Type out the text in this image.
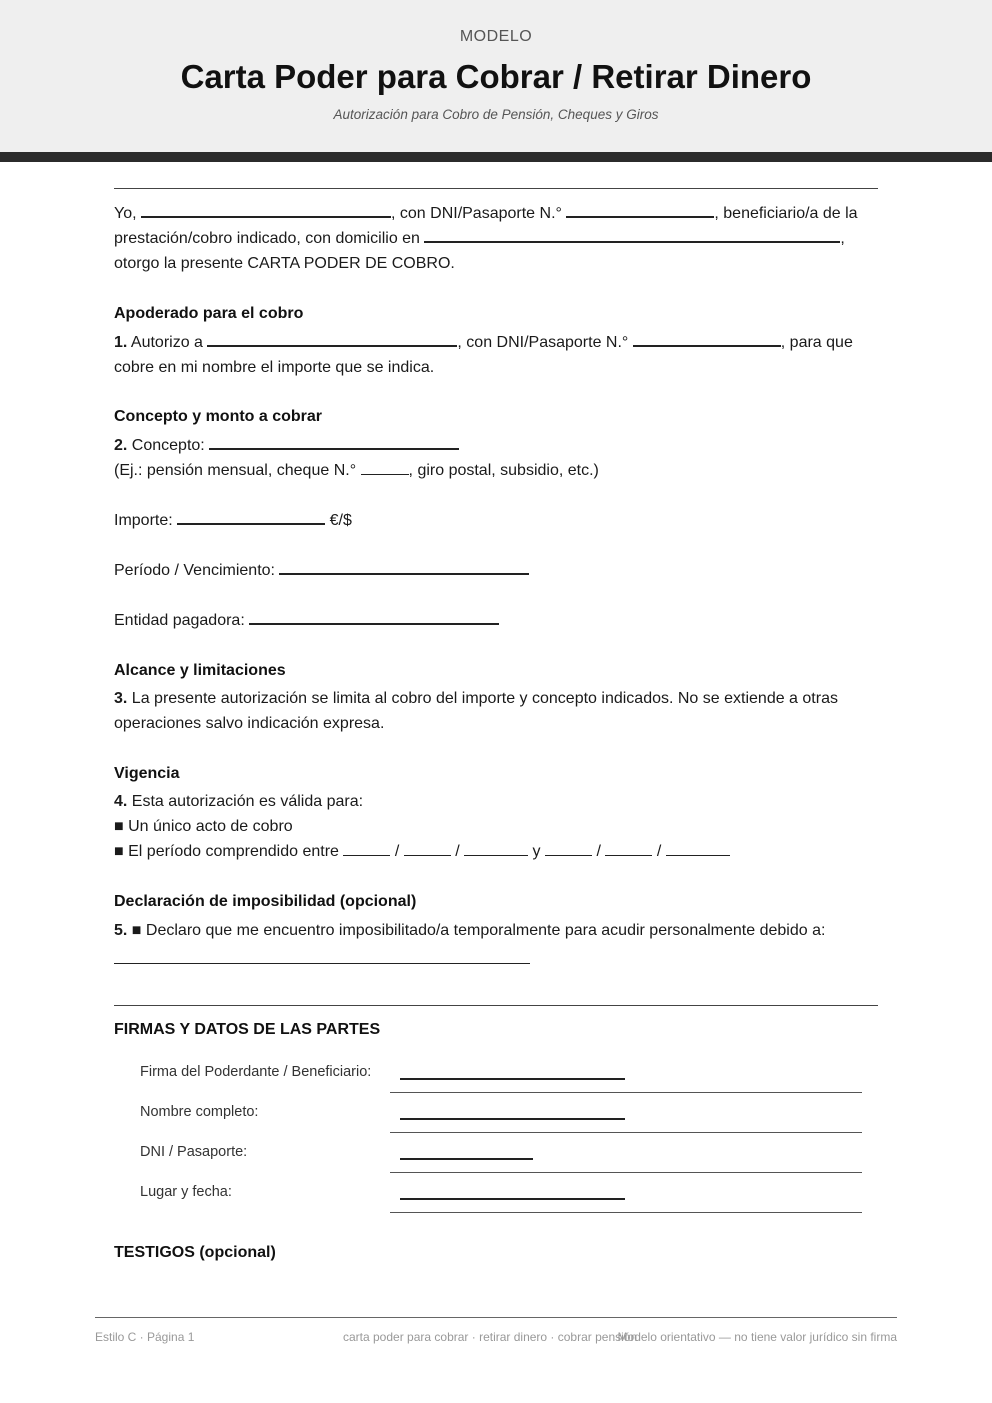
MODELO
Carta Poder para Cobrar / Retirar Dinero
Autorización para Cobro de Pensión, Cheques y Giros
Yo,	, con DNI/Pasaporte N.°	, beneficiario/a de la prestación/cobro indicado, con domicilio en	,
otorgo la presente CARTA PODER DE COBRO.
Apoderado para el cobro
1. Autorizo a	, con DNI/Pasaporte N.°	, para que
cobre en mi nombre el importe que se indica.
Concepto y monto a cobrar
2. Concepto:
(Ej.: pensión mensual, cheque N.°	, giro postal, subsidio, etc.)
Importe:	€/$
Período / Vencimiento:
Entidad pagadora:
Alcance y limitaciones
3. La presente autorización se limita al cobro del importe y concepto indicados. No se extiende a otras operaciones salvo indicación expresa.
Vigencia
4. Esta autorización es válida para:
■ Un único acto de cobro
■ El período comprendido entre	/	/	y	/	/
Declaración de imposibilidad (opcional)
5. ■ Declaro que me encuentro imposibilitado/a temporalmente para acudir personalmente debido a:
FIRMAS Y DATOS DE LAS PARTES
Firma del Poderdante / Beneficiario:
Nombre completo:
DNI / Pasaporte:
Lugar y fecha:
TESTIGOS (opcional)
Estilo C · Página 1	carta poder para cobrar · retirar dinero · cobrar pensión
Modelo orientativo — no tiene valor jurídico sin firma
